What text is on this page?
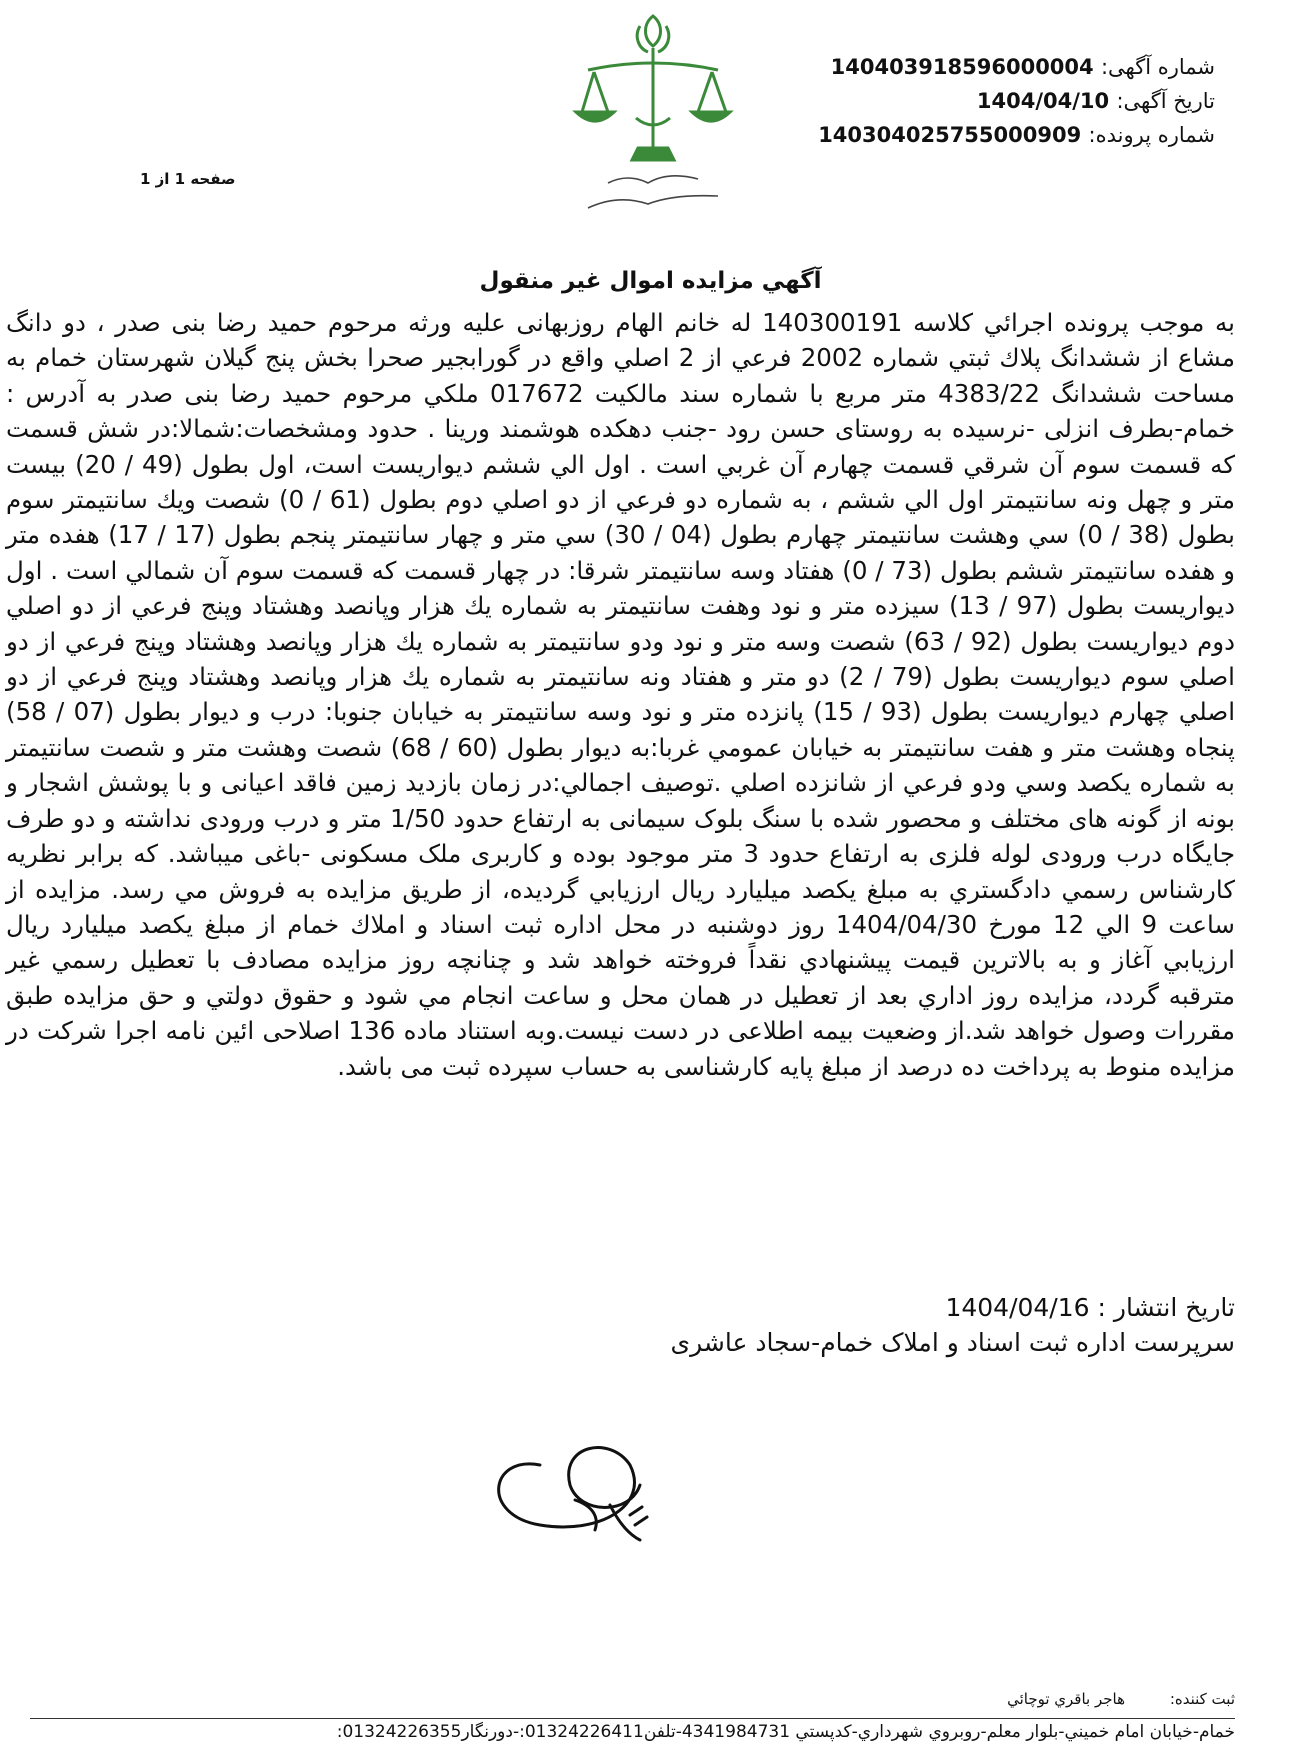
شماره آگهی: 14040391859600000‌4
تاریخ آگهی: 1404/04/10
شماره پرونده: 14030402575500090‌9
صفحه 1 از 1
آگهي مزايده اموال غير منقول

به موجب پرونده اجرائي كلاسه 140300191 له خانم الهام روزبهانی علیه ورثه مرحوم حمید رضا بنی صدر ، دو دانگ مشاع از ششدانگ پلاك ثبتي شماره 2002 فرعي از 2 اصلي واقع در گورابجیر صحرا بخش پنج گیلان شهرستان خمام به مساحت ششدانگ 4383/22 متر مربع با شماره سند مالکیت 017672 ملكي مرحوم حمید رضا بنی صدر به آدرس : خمام-بطرف انزلی -نرسیده به روستای حسن رود -جنب دهکده هوشمند ورینا . حدود ومشخصات:شمالا:در شش قسمت كه قسمت سوم آن شرقي قسمت چهارم آن غربي است . اول الي ششم ديواريست است، اول بطول (49 / 20) بيست متر و چهل ونه سانتيمتر اول الي ششم ، به شماره دو فرعي از دو اصلي دوم بطول (61 / 0) شصت ويك سانتيمتر سوم بطول (38 / 0) سي وهشت سانتيمتر چهارم بطول (04 / 30) سي متر و چهار سانتيمتر پنجم بطول (17 / 17) هفده متر و هفده سانتيمتر ششم بطول (73 / 0) هفتاد وسه سانتيمتر شرقا: در چهار قسمت كه قسمت سوم آن شمالي است . اول ديواريست بطول (97 / 13) سيزده متر و نود وهفت سانتيمتر به شماره يك هزار وپانصد وهشتاد وپنج فرعي از دو اصلي دوم ديواريست بطول (92 / 63) شصت وسه متر و نود ودو سانتيمتر به شماره يك هزار وپانصد وهشتاد وپنج فرعي از دو اصلي سوم ديواريست بطول (79 / 2) دو متر و هفتاد ونه سانتيمتر به شماره يك هزار وپانصد وهشتاد وپنج فرعي از دو اصلي چهارم ديواريست بطول (93 / 15) پانزده متر و نود وسه سانتيمتر به خيابان جنوبا: درب و ديوار بطول (07 / 58) پنجاه وهشت متر و هفت سانتيمتر به خيابان عمومي غربا:به ديوار بطول (60 / 68) شصت وهشت متر و شصت سانتيمتر به شماره يكصد وسي ودو فرعي از شانزده اصلي .توصيف اجمالي:در زمان بازدید زمین فاقد اعیانی و با پوشش اشجار و بونه از گونه های مختلف و محصور شده با سنگ بلوک سیمانی به ارتفاع حدود 1/50 متر و درب ورودی نداشته و دو طرف جایگاه درب ورودی لوله فلزی به ارتفاع حدود 3 متر موجود بوده و کاربری ملک مسکونی -باغی میباشد. كه برابر نظريه كارشناس رسمي دادگستري به مبلغ یکصد میلیارد ريال ارزيابي گرديده، از طريق مزايده به فروش مي رسد. مزايده از ساعت 9 الي 12 مورخ 1404/04/30 روز دوشنبه در محل اداره ثبت اسناد و املاك خمام از مبلغ یکصد میلیارد ريال ارزيابي آغاز و به بالاترين قيمت پيشنهادي نقداً فروخته خواهد شد و چنانچه روز مزايده مصادف با تعطيل رسمي غير مترقبه گردد، مزايده روز اداري بعد از تعطيل در همان محل و ساعت انجام مي شود و حقوق دولتي و حق مزايده طبق مقررات وصول خواهد شد.از وضعیت بیمه اطلاعی در دست نیست.وبه استناد ماده 136 اصلاحی ائین نامه اجرا شرکت در مزایده منوط به پرداخت ده درصد از مبلغ پایه کارشناسی به حساب سپرده ثبت می باشد.

تاریخ انتشار : 1404/04/16
سرپرست اداره ثبت اسناد و املاک خمام-سجاد عاشری
ثبت کننده: هاجر باقري توچائي
خمام-خيابان امام خميني-بلوار معلم-روبروي شهرداري-كدپستي 4341984731-تلفن01324226411:-دورنگار01324226355:
